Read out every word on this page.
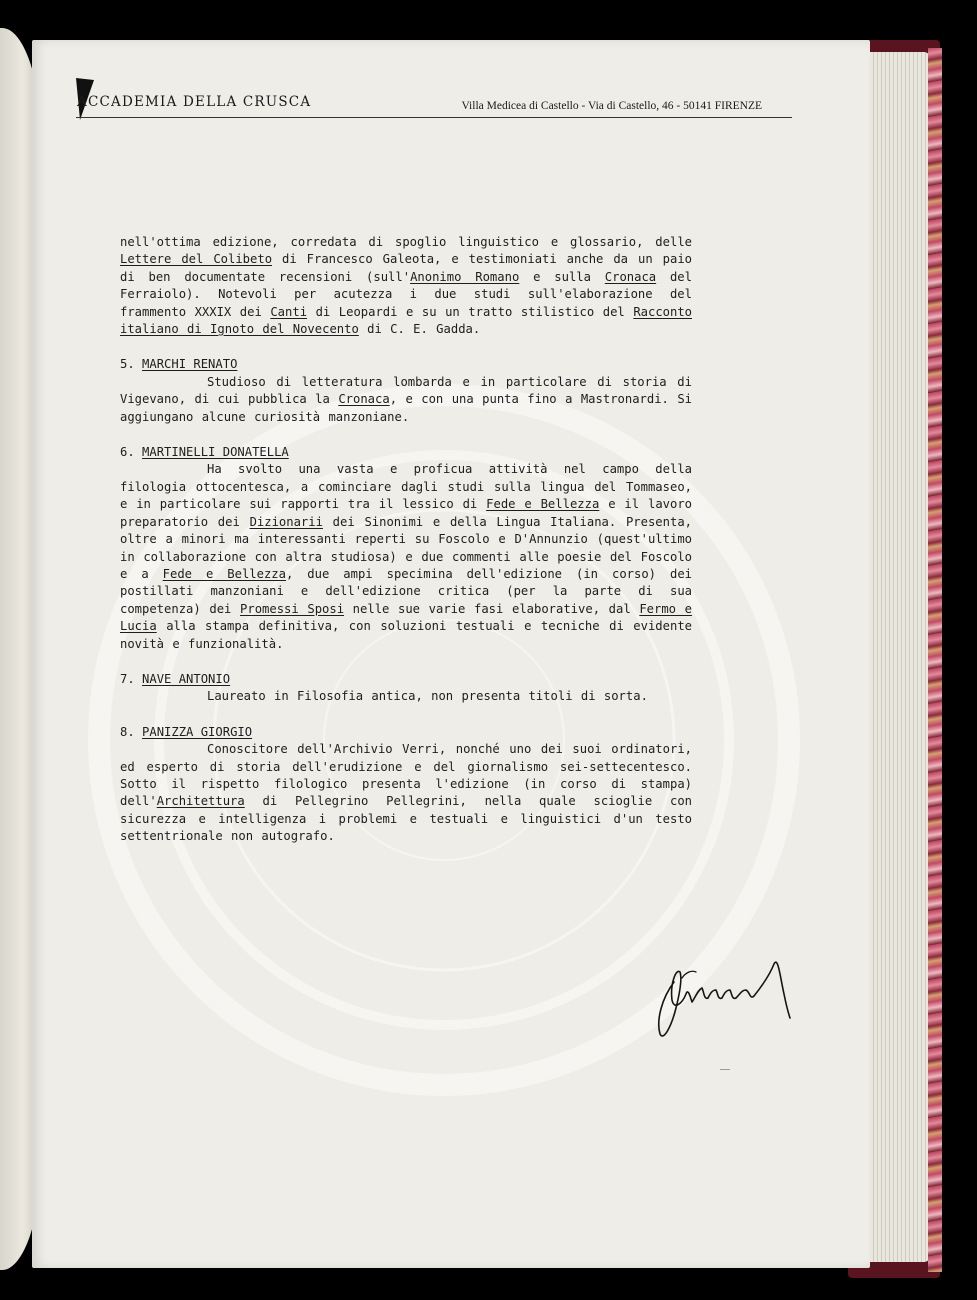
ACCADEMIA DELLA CRUSCA	Villa Medicea di Castello - Via di Castello, 46 - 50141 FIRENZE

nell'ottima edizione, corredata di spoglio linguistico e glossario, delle Lettere del Colibeto di Francesco Galeota, e testimoniati anche da un paio di ben documentate recensioni (sull'Anonimo Romano e sulla Cronaca del Ferraiolo). Notevoli per acutezza i due studi sull'elaborazione del frammento XXXIX dei Canti di Leopardi e su un tratto stilistico del Racconto italiano di Ignoto del Novecento di C. E. Gadda.

5. MARCHI RENATO

Studioso di letteratura lombarda e in particolare di storia di Vigevano, di cui pubblica la Cronaca, e con una punta fino a Mastronardi. Si aggiungano alcune curiosità manzoniane.

6. MARTINELLI DONATELLA

Ha svolto una vasta e proficua attività nel campo della filologia ottocentesca, a cominciare dagli studi sulla lingua del Tommaseo, e in particolare sui rapporti tra il lessico di Fede e Bellezza e il lavoro preparatorio dei Dizionarii dei Sinonimi e della Lingua Italiana. Presenta, oltre a minori ma interessanti reperti su Foscolo e D'Annunzio (quest'ultimo in collaborazione con altra studiosa) e due commenti alle poesie del Foscolo e a Fede e Bellezza, due ampi specimina dell'edizione (in corso) dei postillati manzoniani e dell'edizione critica (per la parte di sua competenza) dei Promessi Sposi nelle sue varie fasi elaborative, dal Fermo e Lucia alla stampa definitiva, con soluzioni testuali e tecniche di evidente novità e funzionalità.

7. NAVE ANTONIO

Laureato in Filosofia antica, non presenta titoli di sorta.

8. PANIZZA GIORGIO

Conoscitore dell'Archivio Verri, nonché uno dei suoi ordinatori, ed esperto di storia dell'erudizione e del giornalismo sei-settecentesco. Sotto il rispetto filologico presenta l'edizione (in corso di stampa) dell'Architettura di Pellegrino Pellegrini, nella quale scioglie con sicurezza e intelligenza i problemi e testuali e linguistici d'un testo settentrionale non autografo.
